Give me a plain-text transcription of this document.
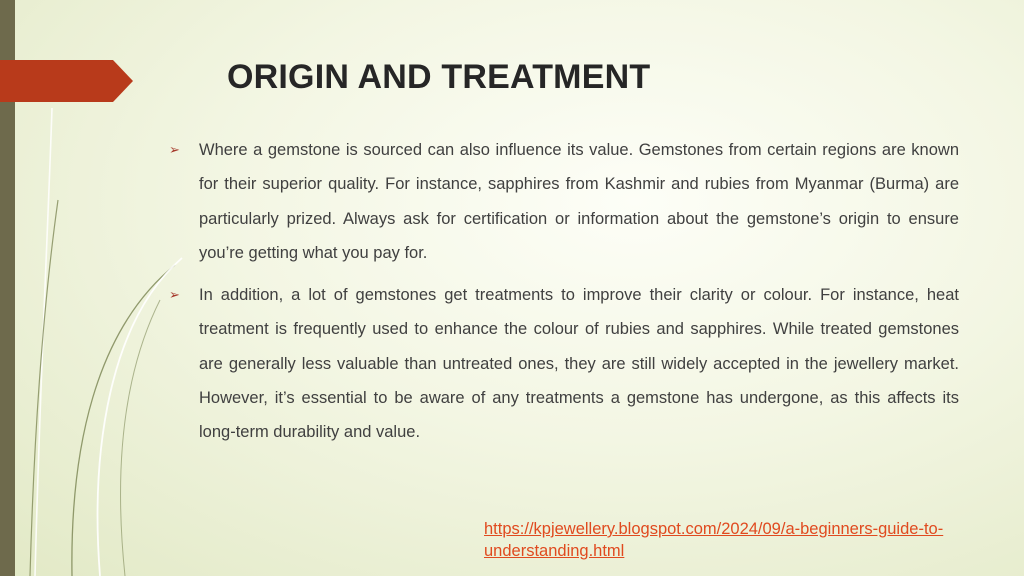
ORIGIN AND TREATMENT
➢ Where a gemstone is sourced can also influence its value. Gemstones from certain regions are known for their superior quality. For instance, sapphires from Kashmir and rubies from Myanmar (Burma) are particularly prized. Always ask for certification or information about the gemstone’s origin to ensure you’re getting what you pay for.
➢ In addition, a lot of gemstones get treatments to improve their clarity or colour. For instance, heat treatment is frequently used to enhance the colour of rubies and sapphires. While treated gemstones are generally less valuable than untreated ones, they are still widely accepted in the jewellery market. However, it’s essential to be aware of any treatments a gemstone has undergone, as this affects its long-term durability and value.
https://kpjewellery.blogspot.com/2024/09/a-beginners-guide-to-understanding.html
